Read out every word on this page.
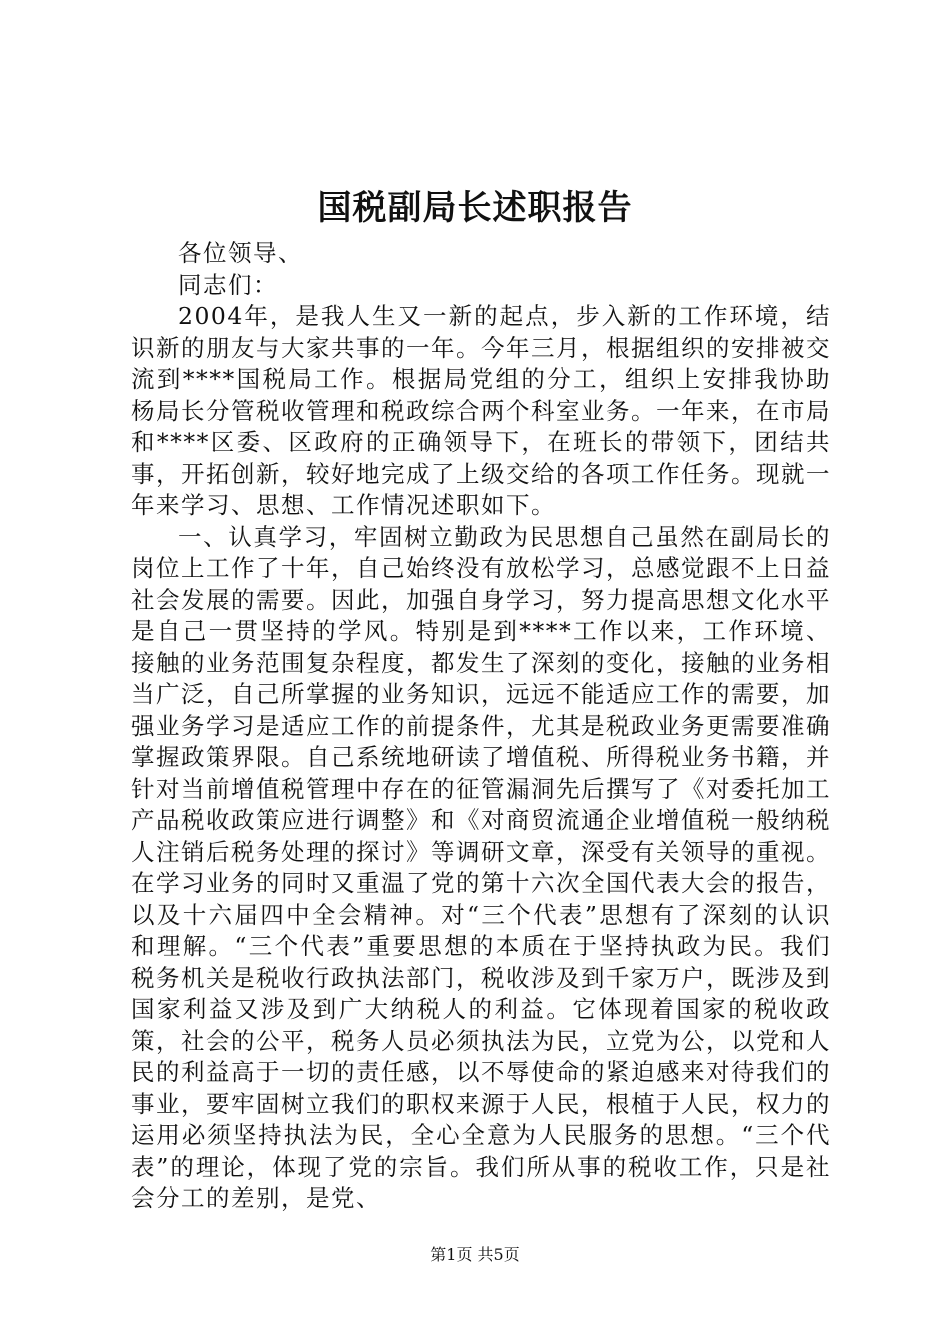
国税副局长述职报告

各位领导、

同志们：

2004年，是我人生又一新的起点，步入新的工作环境，结识新的朋友与大家共事的一年。今年三月，根据组织的安排被交流到****国税局工作。根据局党组的分工，组织上安排我协助杨局长分管税收管理和税政综合两个科室业务。一年来，在市局和****区委、区政府的正确领导下，在班长的带领下，团结共事，开拓创新，较好地完成了上级交给的各项工作任务。现就一年来学习、思想、工作情况述职如下。

一、认真学习，牢固树立勤政为民思想自己虽然在副局长的岗位上工作了十年，自己始终没有放松学习，总感觉跟不上日益社会发展的需要。因此，加强自身学习，努力提高思想文化水平是自己一贯坚持的学风。特别是到****工作以来，工作环境、接触的业务范围复杂程度，都发生了深刻的变化，接触的业务相当广泛，自己所掌握的业务知识，远远不能适应工作的需要，加强业务学习是适应工作的前提条件，尤其是税政业务更需要准确掌握政策界限。自己系统地研读了增值税、所得税业务书籍，并针对当前增值税管理中存在的征管漏洞先后撰写了《对委托加工产品税收政策应进行调整》和《对商贸流通企业增值税一般纳税人注销后税务处理的探讨》等调研文章，深受有关领导的重视。在学习业务的同时又重温了党的第十六次全国代表大会的报告，以及十六届四中全会精神。对“三个代表”思想有了深刻的认识和理解。“三个代表”重要思想的本质在于坚持执政为民。我们税务机关是税收行政执法部门，税收涉及到千家万户，既涉及到国家利益又涉及到广大纳税人的利益。它体现着国家的税收政策，社会的公平，税务人员必须执法为民，立党为公，以党和人民的利益高于一切的责任感，以不辱使命的紧迫感来对待我们的事业，要牢固树立我们的职权来源于人民，根植于人民，权力的运用必须坚持执法为民，全心全意为人民服务的思想。“三个代表”的理论，体现了党的宗旨。我们所从事的税收工作，只是社会分工的差别，是党、

第1页 共5页
